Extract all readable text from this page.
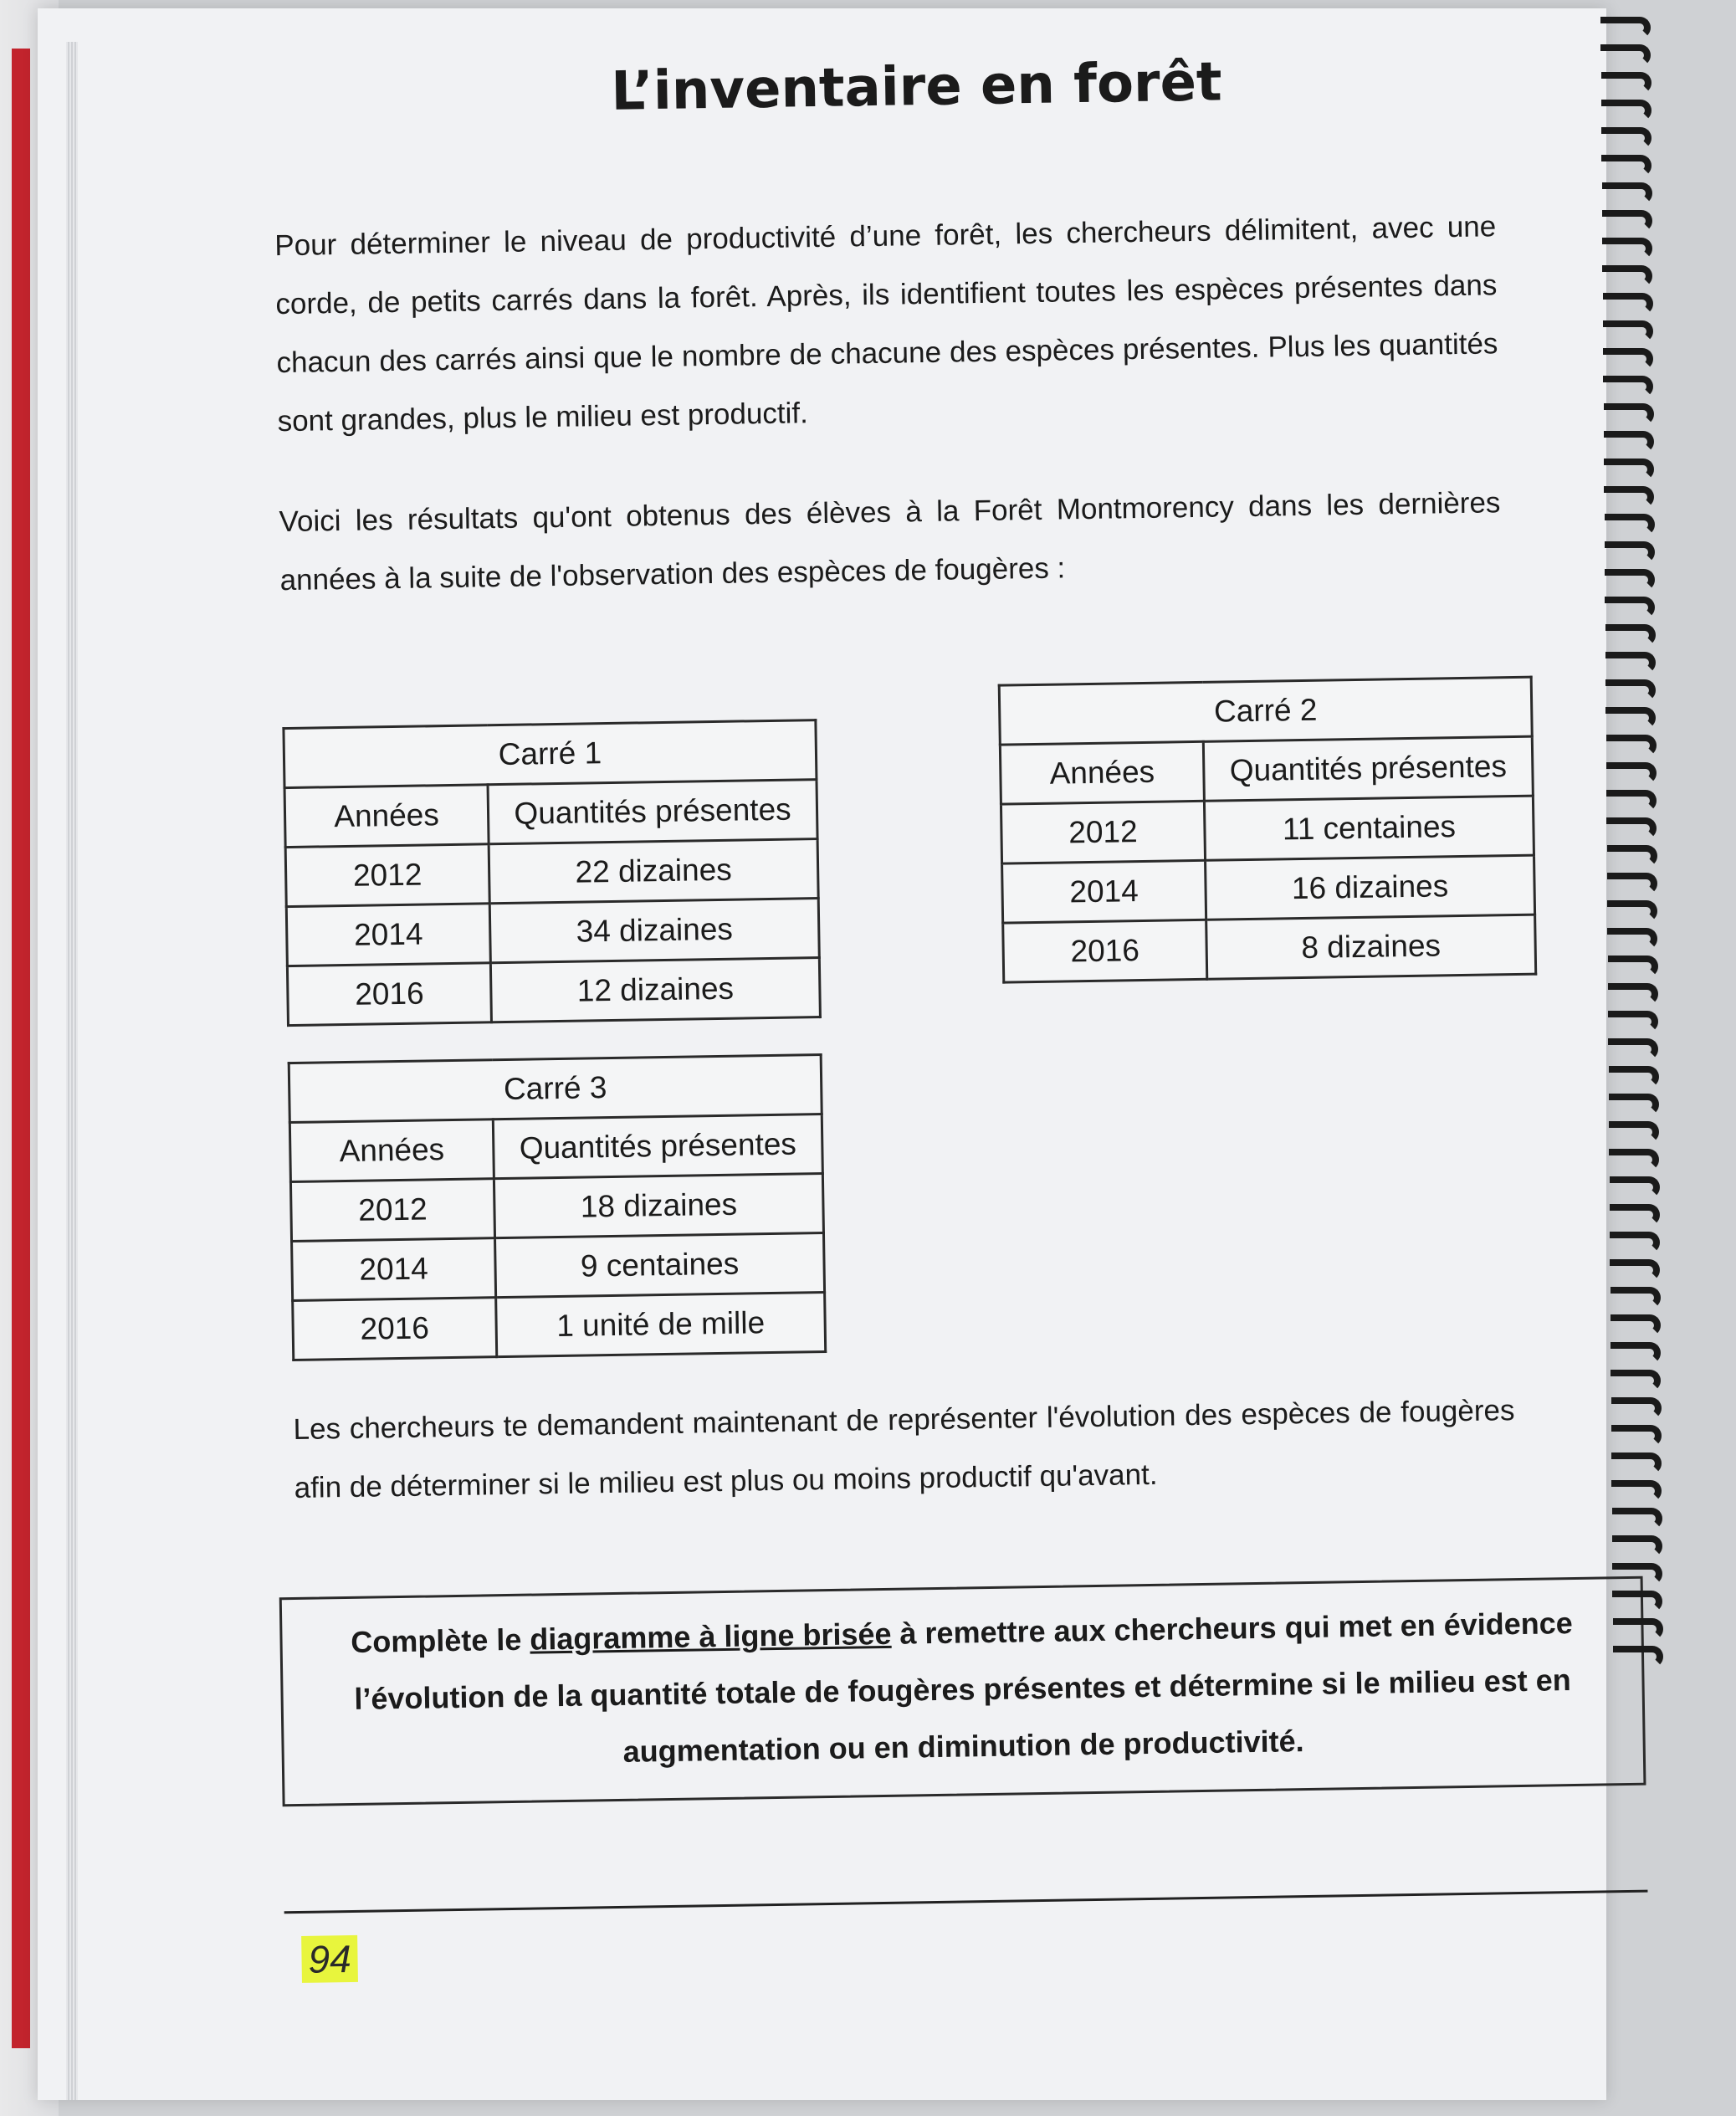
L’inventaire en forêt

Pour déterminer le niveau de productivité d’une forêt, les chercheurs délimitent, avec une corde, de petits carrés dans la forêt. Après, ils identifient toutes les espèces présentes dans chacun des carrés ainsi que le nombre de chacune des espèces présentes. Plus les quantités sont grandes, plus le milieu est productif.

Voici les résultats qu'ont obtenus des élèves à la Forêt Montmorency dans les dernières années à la suite de l'observation des espèces de fougères :

Carré 1	
Années	Quantités présentes
2012	22 dizaines
2014	34 dizaines
2016	12 dizaines
Carré 2	
Années	Quantités présentes
2012	11 centaines
2014	16 dizaines
2016	8 dizaines
Carré 3	
Années	Quantités présentes
2012	18 dizaines
2014	9 centaines
2016	1 unité de mille

Les chercheurs te demandent maintenant de représenter l'évolution des espèces de fougères afin de déterminer si le milieu est plus ou moins productif qu'avant.

Complète le diagramme à ligne brisée à remettre aux chercheurs qui met en évidence l’évolution de la quantité totale de fougères présentes et détermine si le milieu est en augmentation ou en diminution de productivité.
94
